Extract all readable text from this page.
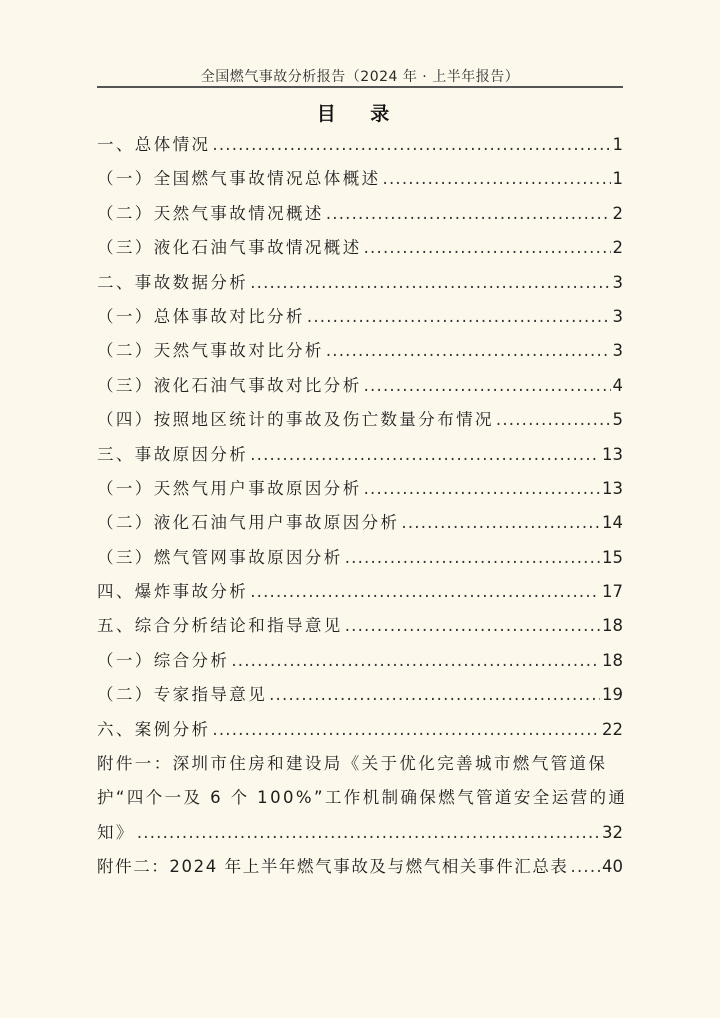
全国燃气事故分析报告（2024 年 · 上半年报告）
目 录
一、总体情况 .....	1
（一）全国燃气事故情况总体概述 .....	1
（二）天然气事故情况概述 .....	2
（三）液化石油气事故情况概述 .....	2
二、事故数据分析 .....	3
（一）总体事故对比分析 .....	3
（二）天然气事故对比分析 .....	3
（三）液化石油气事故对比分析 .....	4
（四）按照地区统计的事故及伤亡数量分布情况 .....	5
三、事故原因分析 .....	13
（一）天然气用户事故原因分析 .....	13
（二）液化石油气用户事故原因分析 .....	14
（三）燃气管网事故原因分析 .....	15
四、爆炸事故分析 .....	17
五、综合分析结论和指导意见 .....	18
（一）综合分析 .....	18
（二）专家指导意见 .....	19
六、案例分析 .....	22
附件一：深圳市住房和建设局《关于优化完善城市燃气管道保
护“四个一及 6 个 100%”工作机制确保燃气管道安全运营的通
知》 .....	32
附件二：2024 年上半年燃气事故及与燃气相关事件汇总表 ..... 40
